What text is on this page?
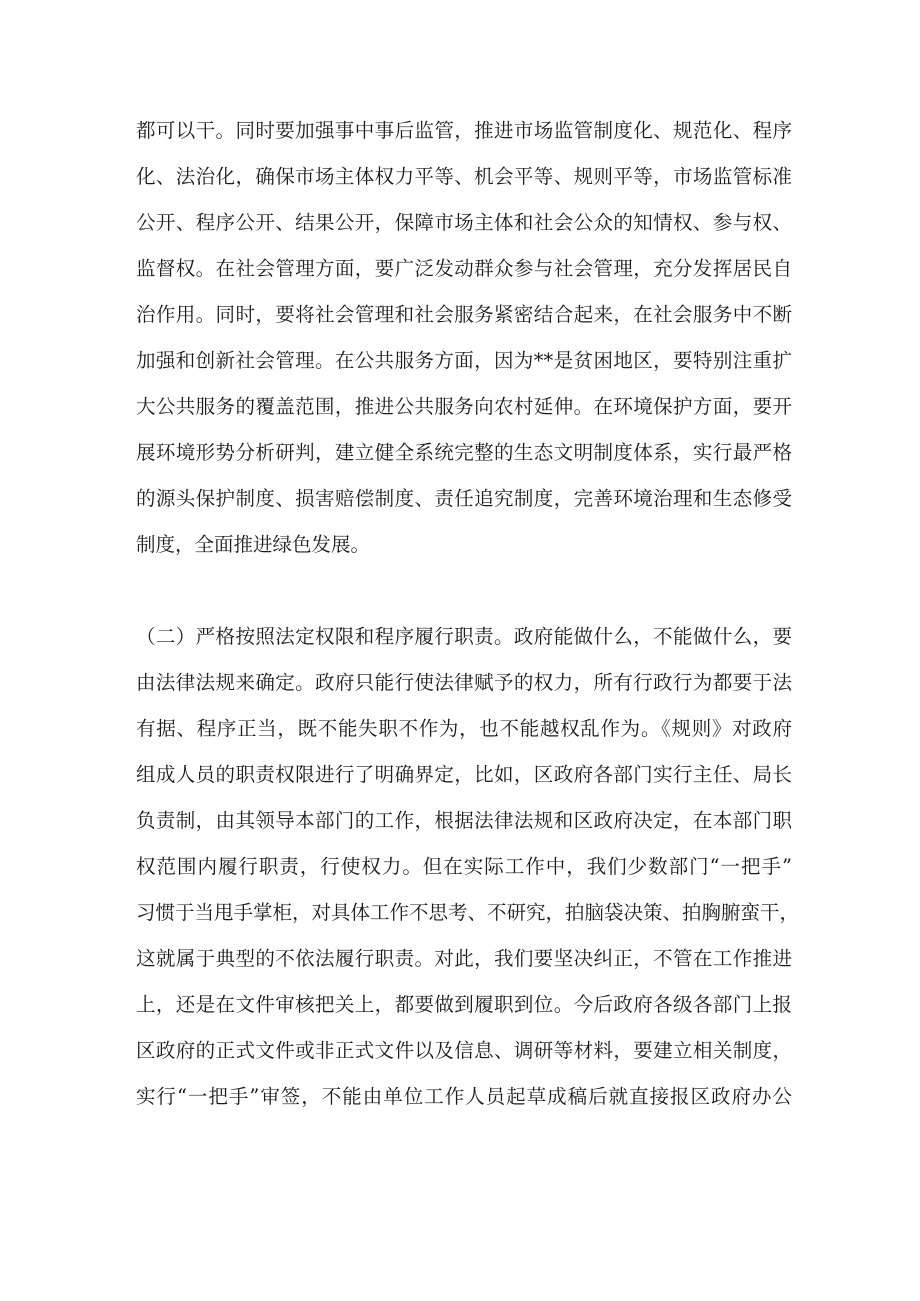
都可以干。同时要加强事中事后监管，推进市场监管制度化、规范化、程序
化、法治化，确保市场主体权力平等、机会平等、规则平等，市场监管标准
公开、程序公开、结果公开，保障市场主体和社会公众的知情权、参与权、
监督权。在社会管理方面，要广泛发动群众参与社会管理，充分发挥居民自
治作用。同时，要将社会管理和社会服务紧密结合起来，在社会服务中不断
加强和创新社会管理。在公共服务方面，因为**是贫困地区，要特别注重扩
大公共服务的覆盖范围，推进公共服务向农村延伸。在环境保护方面，要开
展环境形势分析研判，建立健全系统完整的生态文明制度体系，实行最严格
的源头保护制度、损害赔偿制度、责任追究制度，完善环境治理和生态修受
制度，全面推进绿色发展。
（二）严格按照法定权限和程序履行职责。政府能做什么，不能做什么，要
由法律法规来确定。政府只能行使法律赋予的权力，所有行政行为都要于法
有据、程序正当，既不能失职不作为，也不能越权乱作为。《规则》对政府
组成人员的职责权限进行了明确界定，比如，区政府各部门实行主任、局长
负责制，由其领导本部门的工作，根据法律法规和区政府决定，在本部门职
权范围内履行职责，行使权力。但在实际工作中，我们少数部门“一把手”
习惯于当甩手掌柜，对具体工作不思考、不研究，拍脑袋决策、拍胸腑蛮干，
这就属于典型的不依法履行职责。对此，我们要坚决纠正，不管在工作推进
上，还是在文件审核把关上，都要做到履职到位。今后政府各级各部门上报
区政府的正式文件或非正式文件以及信息、调研等材料，要建立相关制度，
实行“一把手”审签，不能由单位工作人员起草成稿后就直接报区政府办公
